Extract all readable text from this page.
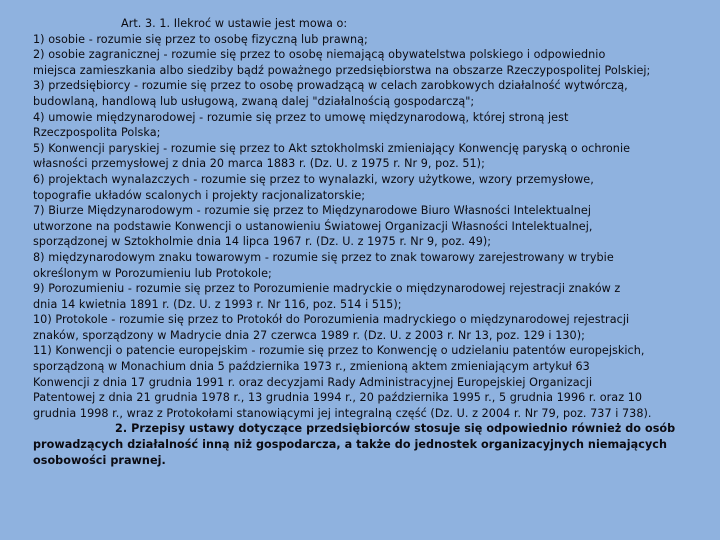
Art. 3. 1. Ilekroć w ustawie jest mowa o:
1) osobie - rozumie się przez to osobę fizyczną lub prawną;
2) osobie zagranicznej - rozumie się przez to osobę niemającą obywatelstwa polskiego i odpowiednio
miejsca zamieszkania albo siedziby bądź poważnego przedsiębiorstwa na obszarze Rzeczypospolitej Polskiej;
3) przedsiębiorcy - rozumie się przez to osobę prowadzącą w celach zarobkowych działalność wytwórczą,
budowlaną, handlową lub usługową, zwaną dalej "działalnością gospodarczą";
4) umowie międzynarodowej - rozumie się przez to umowę międzynarodową, której stroną jest
Rzeczpospolita Polska;
5) Konwencji paryskiej - rozumie się przez to Akt sztokholmski zmieniający Konwencję paryską o ochronie
własności przemysłowej z dnia 20 marca 1883 r. (Dz. U. z 1975 r. Nr 9, poz. 51);
6) projektach wynalazczych - rozumie się przez to wynalazki, wzory użytkowe, wzory przemysłowe,
topografie układów scalonych i projekty racjonalizatorskie;
7) Biurze Międzynarodowym - rozumie się przez to Międzynarodowe Biuro Własności Intelektualnej
utworzone na podstawie Konwencji o ustanowieniu Światowej Organizacji Własności Intelektualnej,
sporządzonej w Sztokholmie dnia 14 lipca 1967 r. (Dz. U. z 1975 r. Nr 9, poz. 49);
8) międzynarodowym znaku towarowym - rozumie się przez to znak towarowy zarejestrowany w trybie
określonym w Porozumieniu lub Protokole;
9) Porozumieniu - rozumie się przez to Porozumienie madryckie o międzynarodowej rejestracji znaków z
dnia 14 kwietnia 1891 r. (Dz. U. z 1993 r. Nr 116, poz. 514 i 515);
10) Protokole - rozumie się przez to Protokół do Porozumienia madryckiego o międzynarodowej rejestracji
znaków, sporządzony w Madrycie dnia 27 czerwca 1989 r. (Dz. U. z 2003 r. Nr 13, poz. 129 i 130);
11) Konwencji o patencie europejskim - rozumie się przez to Konwencję o udzielaniu patentów europejskich,
sporządzoną w Monachium dnia 5 października 1973 r., zmienioną aktem zmieniającym artykuł 63
Konwencji z dnia 17 grudnia 1991 r. oraz decyzjami Rady Administracyjnej Europejskiej Organizacji
Patentowej z dnia 21 grudnia 1978 r., 13 grudnia 1994 r., 20 października 1995 r., 5 grudnia 1996 r. oraz 10
grudnia 1998 r., wraz z Protokołami stanowiącymi jej integralną część (Dz. U. z 2004 r. Nr 79, poz. 737 i 738).
2. Przepisy ustawy dotyczące przedsiębiorców stosuje się odpowiednio również do osób
prowadzących działalność inną niż gospodarcza, a także do jednostek organizacyjnych niemających
osobowości prawnej.
